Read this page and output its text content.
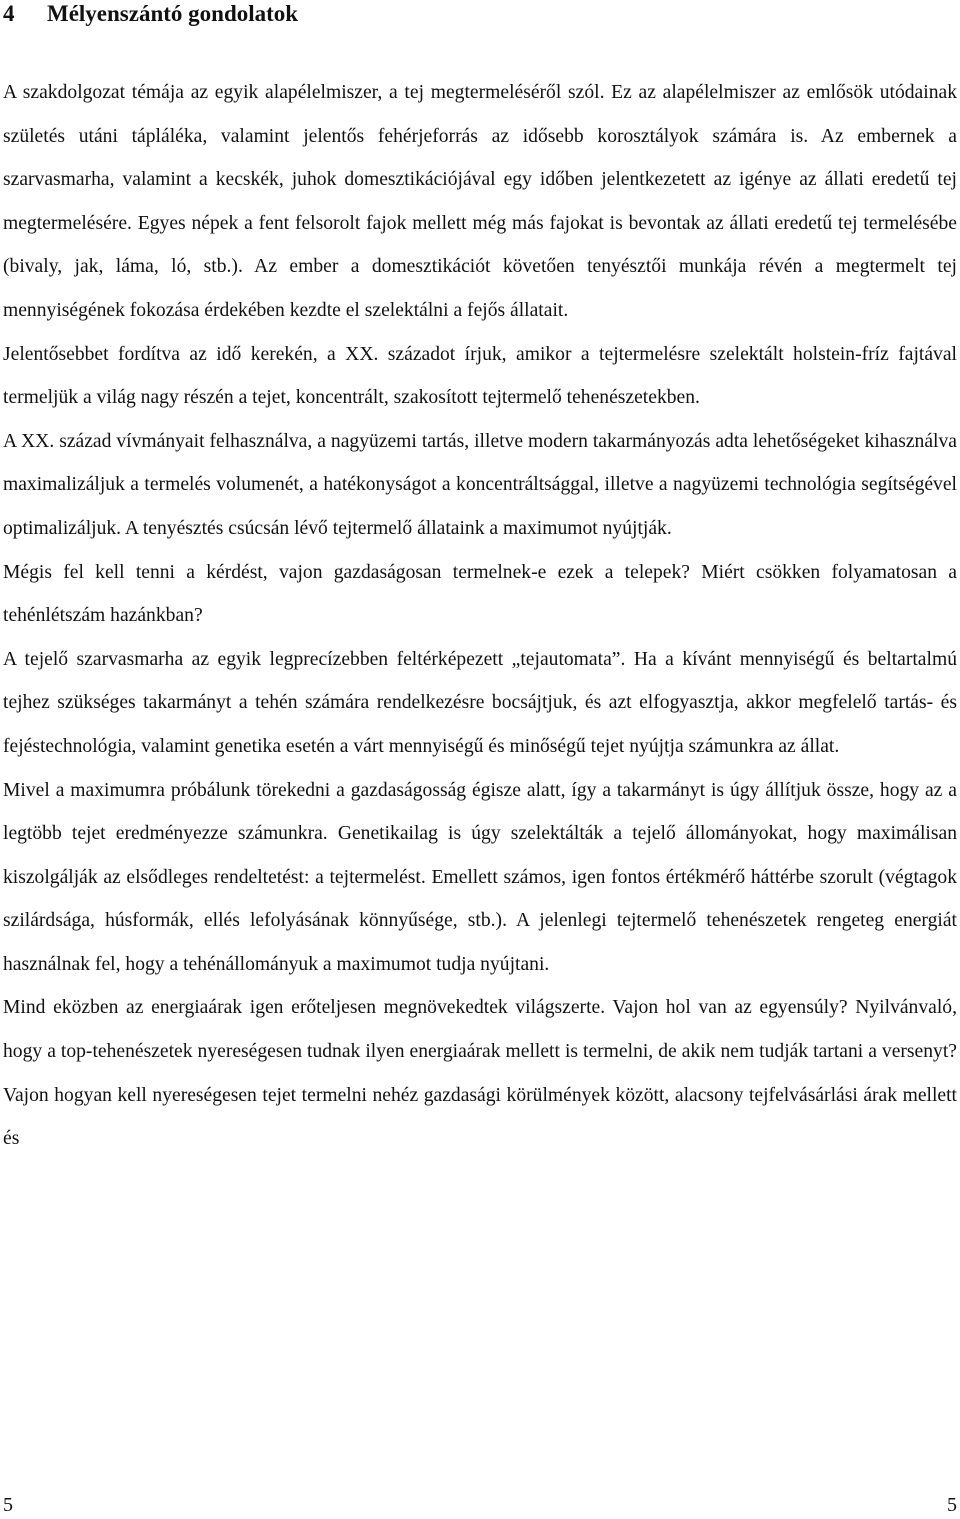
4 Mélyenszántó gondolatok

A szakdolgozat témája az egyik alapélelmiszer, a tej megtermeléséről szól. Ez az alapélelmiszer az emlősök utódainak születés utáni tápláléka, valamint jelentős fehérjeforrás az idősebb korosztályok számára is. Az embernek a szarvasmarha, valamint a kecskék, juhok domesztikációjával egy időben jelentkezetett az igénye az állati eredetű tej megtermelésére. Egyes népek a fent felsorolt fajok mellett még más fajokat is bevontak az állati eredetű tej termelésébe (bivaly, jak, láma, ló, stb.). Az ember a domesztikációt követően tenyésztői munkája révén a megtermelt tej mennyiségének fokozása érdekében kezdte el szelektálni a fejős állatait.

Jelentősebbet fordítva az idő kerekén, a XX. századot írjuk, amikor a tejtermelésre szelektált holstein-fríz fajtával termeljük a világ nagy részén a tejet, koncentrált, szakosított tejtermelő tehenészetekben.

A XX. század vívmányait felhasználva, a nagyüzemi tartás, illetve modern takarmányozás adta lehetőségeket kihasználva maximalizáljuk a termelés volumenét, a hatékonyságot a koncentráltsággal, illetve a nagyüzemi technológia segítségével optimalizáljuk. A tenyésztés csúcsán lévő tejtermelő állataink a maximumot nyújtják.

Mégis fel kell tenni a kérdést, vajon gazdaságosan termelnek-e ezek a telepek? Miért csökken folyamatosan a tehénlétszám hazánkban?

A tejelő szarvasmarha az egyik legprecízebben feltérképezett „tejautomata”. Ha a kívánt mennyiségű és beltartalmú tejhez szükséges takarmányt a tehén számára rendelkezésre bocsájtjuk, és azt elfogyasztja, akkor megfelelő tartás- és fejéstechnológia, valamint genetika esetén a várt mennyiségű és minőségű tejet nyújtja számunkra az állat.

Mivel a maximumra próbálunk törekedni a gazdaságosság égisze alatt, így a takarmányt is úgy állítjuk össze, hogy az a legtöbb tejet eredményezze számunkra. Genetikailag is úgy szelektálták a tejelő állományokat, hogy maximálisan kiszolgálják az elsődleges rendeltetést: a tejtermelést. Emellett számos, igen fontos értékmérő háttérbe szorult (végtagok szilárdsága, húsformák, ellés lefolyásának könnyűsége, stb.). A jelenlegi tejtermelő tehenészetek rengeteg energiát használnak fel, hogy a tehénállományuk a maximumot tudja nyújtani.

Mind eközben az energiaárak igen erőteljesen megnövekedtek világszerte. Vajon hol van az egyensúly? Nyilvánvaló, hogy a top-tehenészetek nyereségesen tudnak ilyen energiaárak mellett is termelni, de akik nem tudják tartani a versenyt? Vajon hogyan kell nyereségesen tejet termelni nehéz gazdasági körülmények között, alacsony tejfelvásárlási árak mellett és

5	5
